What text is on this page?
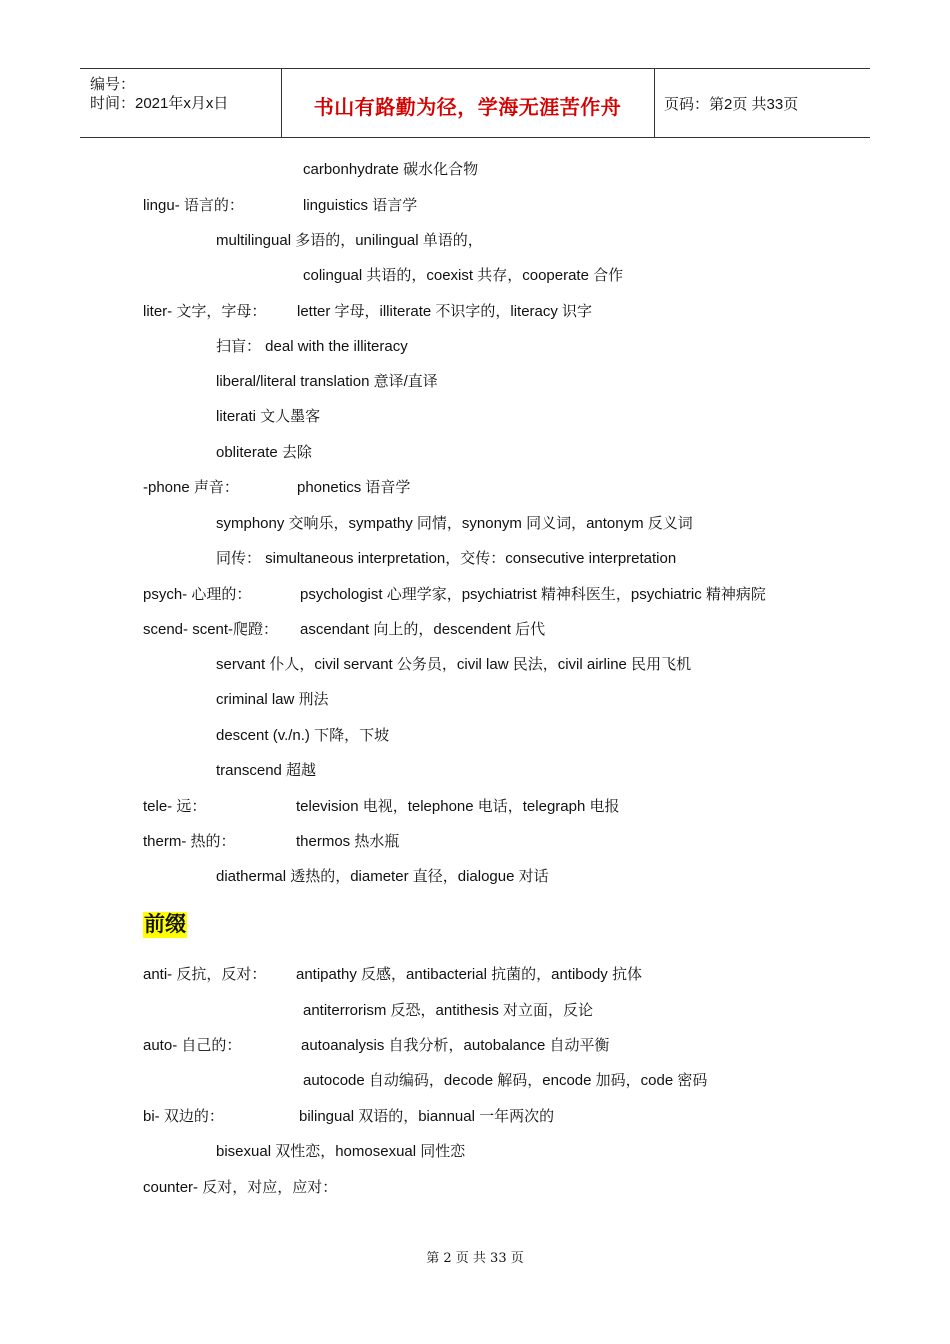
编号：
时间：2021年x月x日	书山有路勤为径，学海无涯苦作舟	页码：第2页 共33页
carbonhydrate 碳水化合物
lingu- 语言的：	linguistics 语言学
multilingual 多语的，unilingual 单语的，
colingual 共语的，coexist 共存，cooperate 合作
liter- 文字，字母： letter 字母，illiterate 不识字的，literacy 识字
扫盲： deal with the illiteracy
liberal/literal translation 意译/直译
literati 文人墨客
obliterate 去除
-phone 声音：	phonetics 语音学
symphony 交响乐，sympathy 同情，synonym 同义词，antonym 反义词
同传： simultaneous interpretation，交传：consecutive interpretation
psych- 心理的：	psychologist 心理学家，psychiatrist 精神科医生，psychiatric 精神病院
scend- scent-爬蹬： ascendant 向上的，descendent 后代
servant 仆人，civil servant 公务员，civil law 民法，civil airline 民用飞机
criminal law 刑法
descent (v./n.) 下降，下坡
transcend 超越
tele- 远：	television 电视，telephone 电话，telegraph 电报
therm- 热的：	thermos 热水瓶
diathermal 透热的，diameter 直径，dialogue 对话
前缀
anti- 反抗，反对： antipathy 反感，antibacterial 抗菌的，antibody 抗体
antiterrorism 反恐，antithesis 对立面，反论
auto- 自己的：	autoanalysis 自我分析，autobalance 自动平衡
autocode 自动编码，decode 解码，encode 加码，code 密码
bi- 双边的：	bilingual 双语的，biannual 一年两次的
bisexual 双性恋，homosexual 同性恋
counter- 反对，对应，应对：
第 2 页 共 33 页
